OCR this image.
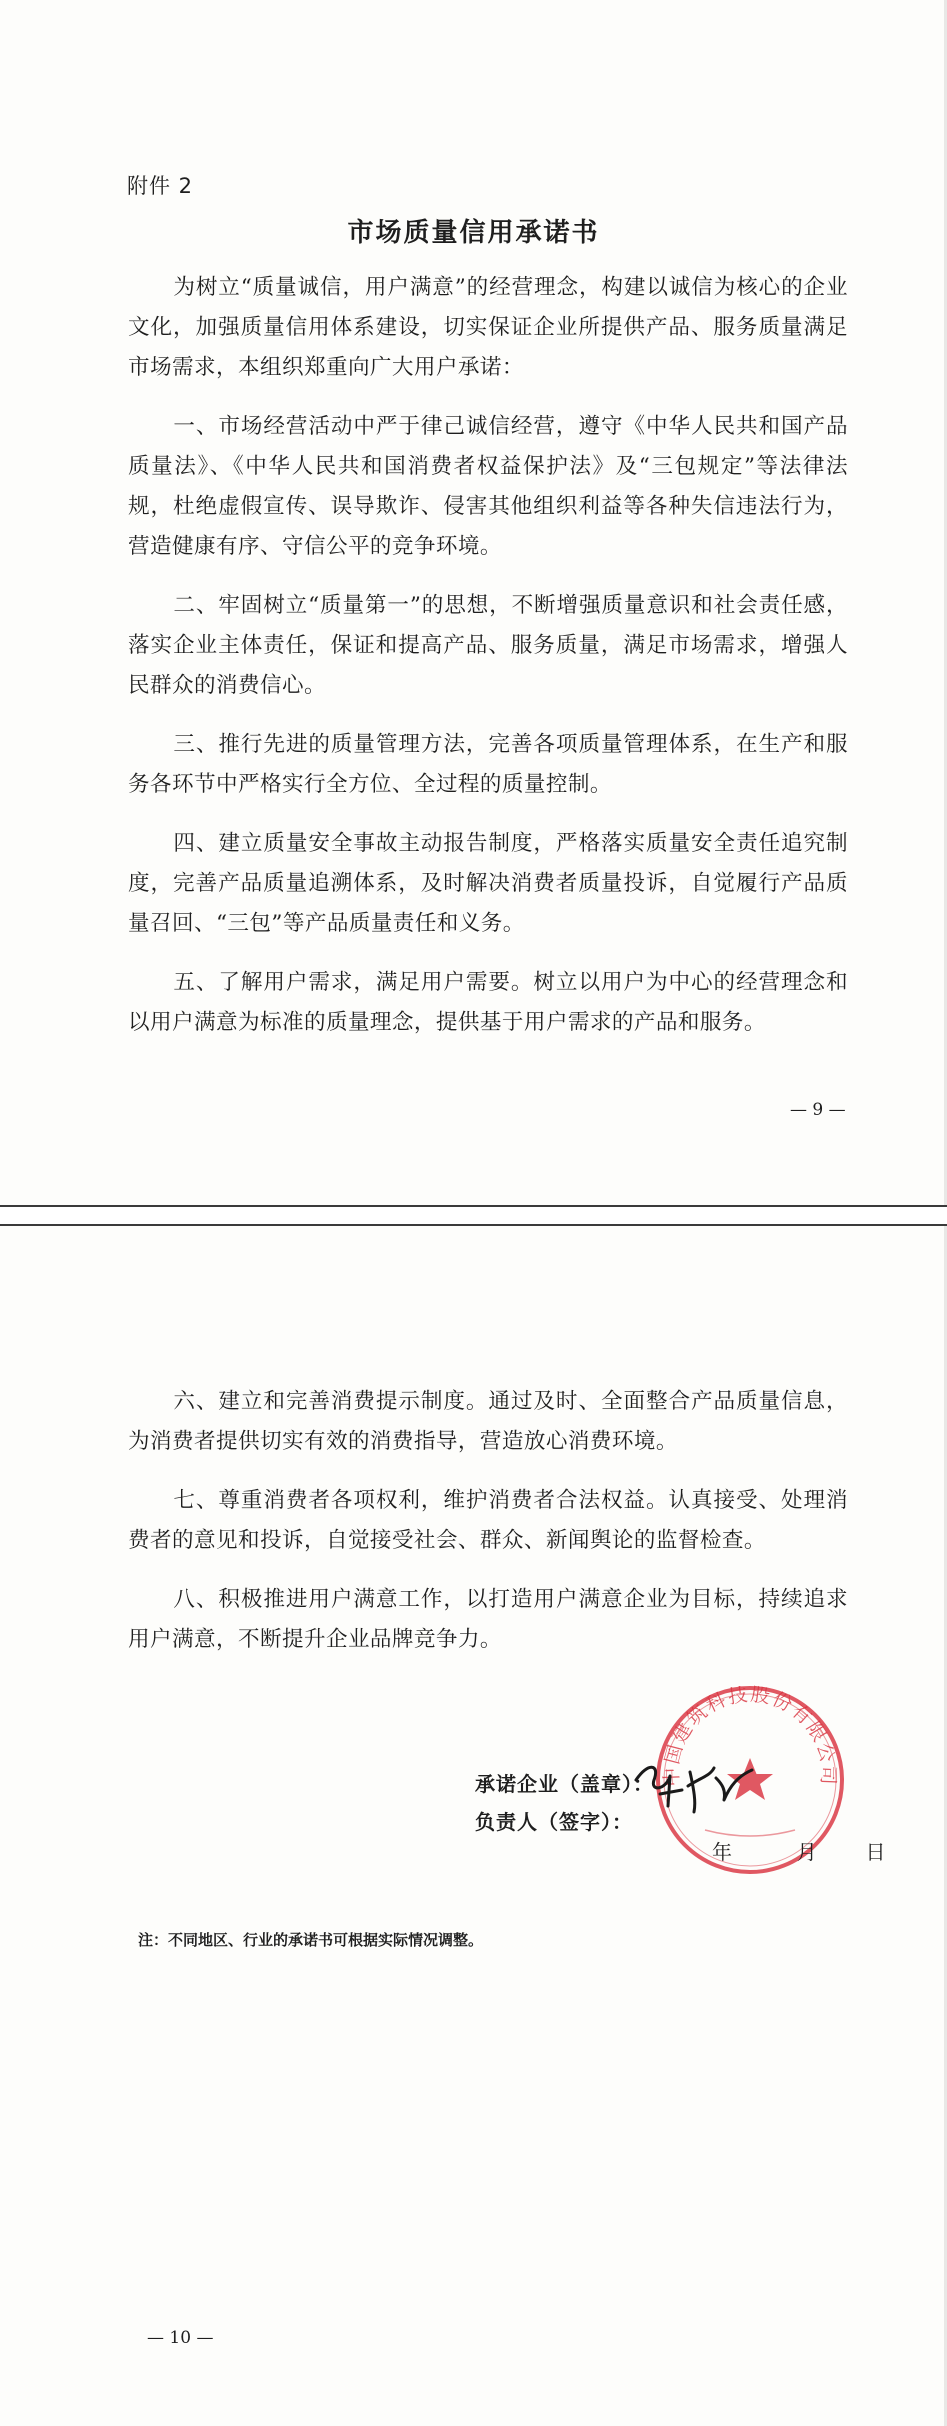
附件 2
市场质量信用承诺书

为树立“质量诚信，用户满意”的经营理念，构建以诚信为核心的企业文化，加强质量信用体系建设，切实保证企业所提供产品、服务质量满足市场需求，本组织郑重向广大用户承诺：

一、市场经营活动中严于律己诚信经营，遵守《中华人民共和国产品质量法》、《中华人民共和国消费者权益保护法》及“三包规定”等法律法规，杜绝虚假宣传、误导欺诈、侵害其他组织利益等各种失信违法行为，营造健康有序、守信公平的竞争环境。

二、牢固树立“质量第一”的思想，不断增强质量意识和社会责任感，落实企业主体责任，保证和提高产品、服务质量，满足市场需求，增强人民群众的消费信心。

三、推行先进的质量管理方法，完善各项质量管理体系，在生产和服务各环节中严格实行全方位、全过程的质量控制。

四、建立质量安全事故主动报告制度，严格落实质量安全责任追究制度，完善产品质量追溯体系，及时解决消费者质量投诉，自觉履行产品质量召回、“三包”等产品质量责任和义务。

五、了解用户需求，满足用户需要。树立以用户为中心的经营理念和以用户满意为标准的质量理念，提供基于用户需求的产品和服务。

— 9 —

六、建立和完善消费提示制度。通过及时、全面整合产品质量信息，为消费者提供切实有效的消费指导，营造放心消费环境。

七、尊重消费者各项权利，维护消费者合法权益。认真接受、处理消费者的意见和投诉，自觉接受社会、群众、新闻舆论的监督检查。

八、积极推进用户满意工作，以打造用户满意企业为目标，持续追求用户满意，不断提升企业品牌竞争力。

中国建筑科技股份有限公司
承诺企业（盖章）：
负责人（签字）：
年	月 日
注：不同地区、行业的承诺书可根据实际情况调整。
— 10 —
